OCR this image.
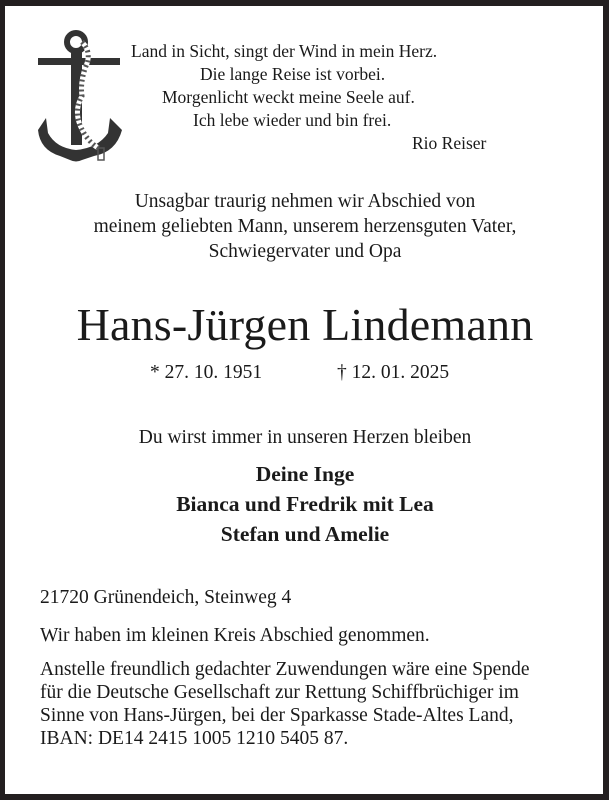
Land in Sicht, singt der Wind in mein Herz.
Die lange Reise ist vorbei.
Morgenlicht weckt meine Seele auf.
Ich lebe wieder und bin frei.
Rio Reiser
Unsagbar traurig nehmen wir Abschied von
meinem geliebten Mann, unserem herzensguten Vater,
Schwiegervater und Opa
Hans-Jürgen Lindemann
* 27. 10. 1951	† 12. 01. 2025
Du wirst immer in unseren Herzen bleiben
Deine Inge
Bianca und Fredrik mit Lea
Stefan und Amelie
21720 Grünendeich, Steinweg 4
Wir haben im kleinen Kreis Abschied genommen.
Anstelle freundlich gedachter Zuwendungen wäre eine Spende
für die Deutsche Gesellschaft zur Rettung Schiffbrüchiger im
Sinne von Hans-Jürgen, bei der Sparkasse Stade-Altes Land,
IBAN: DE14 2415 1005 1210 5405 87.
